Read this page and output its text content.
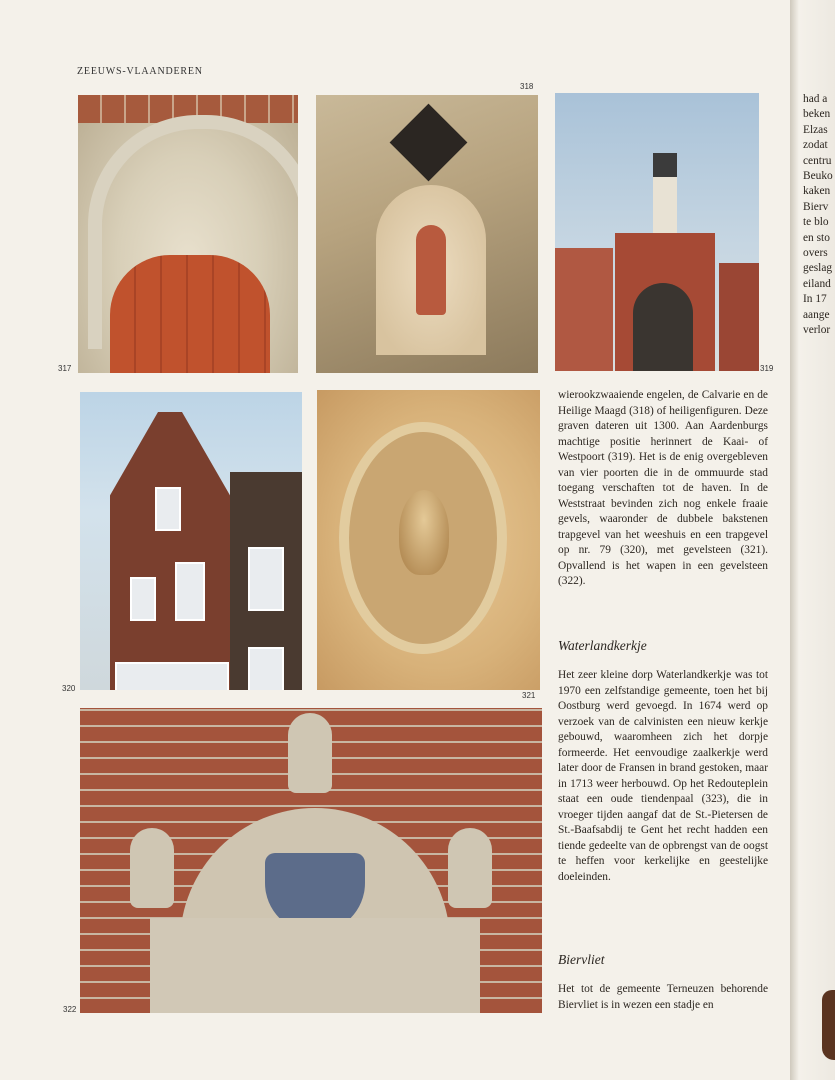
ZEEUWS-VLAANDEREN
317
318
319
320
321
322

wierookzwaaiende engelen, de Calvarie en de Heilige Maagd (318) of heiligenfiguren. Deze graven dateren uit 1300. Aan Aardenburgs machtige positie herinnert de Kaai- of Westpoort (319). Het is de enig overgebleven van vier poorten die in de ommuurde stad toegang verschaften tot de haven. In de Weststraat bevinden zich nog enkele fraaie gevels, waaronder de dubbele bakstenen trapgevel van het weeshuis en een trapgevel op nr. 79 (320), met gevelsteen (321). Opvallend is het wapen in een gevelsteen (322).

Waterlandkerkje

Het zeer kleine dorp Waterlandkerkje was tot 1970 een zelfstandige gemeente, toen het bij Oostburg werd gevoegd. In 1674 werd op verzoek van de calvinisten een nieuw kerkje gebouwd, waaromheen zich het dorpje formeerde. Het eenvoudige zaalkerkje werd later door de Fransen in brand gestoken, maar in 1713 weer herbouwd. Op het Redouteplein staat een oude tiendenpaal (323), die in vroeger tijden aangaf dat de St.-Pietersen de St.-Baafsabdij te Gent het recht hadden een tiende gedeelte van de opbrengst van de oogst te heffen voor kerkelijke en geestelijke doeleinden.

Biervliet

Het tot de gemeente Terneuzen behorende Biervliet is in wezen een stadje en

had a
beken
Elzas
zodat
centru
Beuko
kaken
Bierv
te blo
en sto
overs
geslag
eiland
In 17
aange
verlor
